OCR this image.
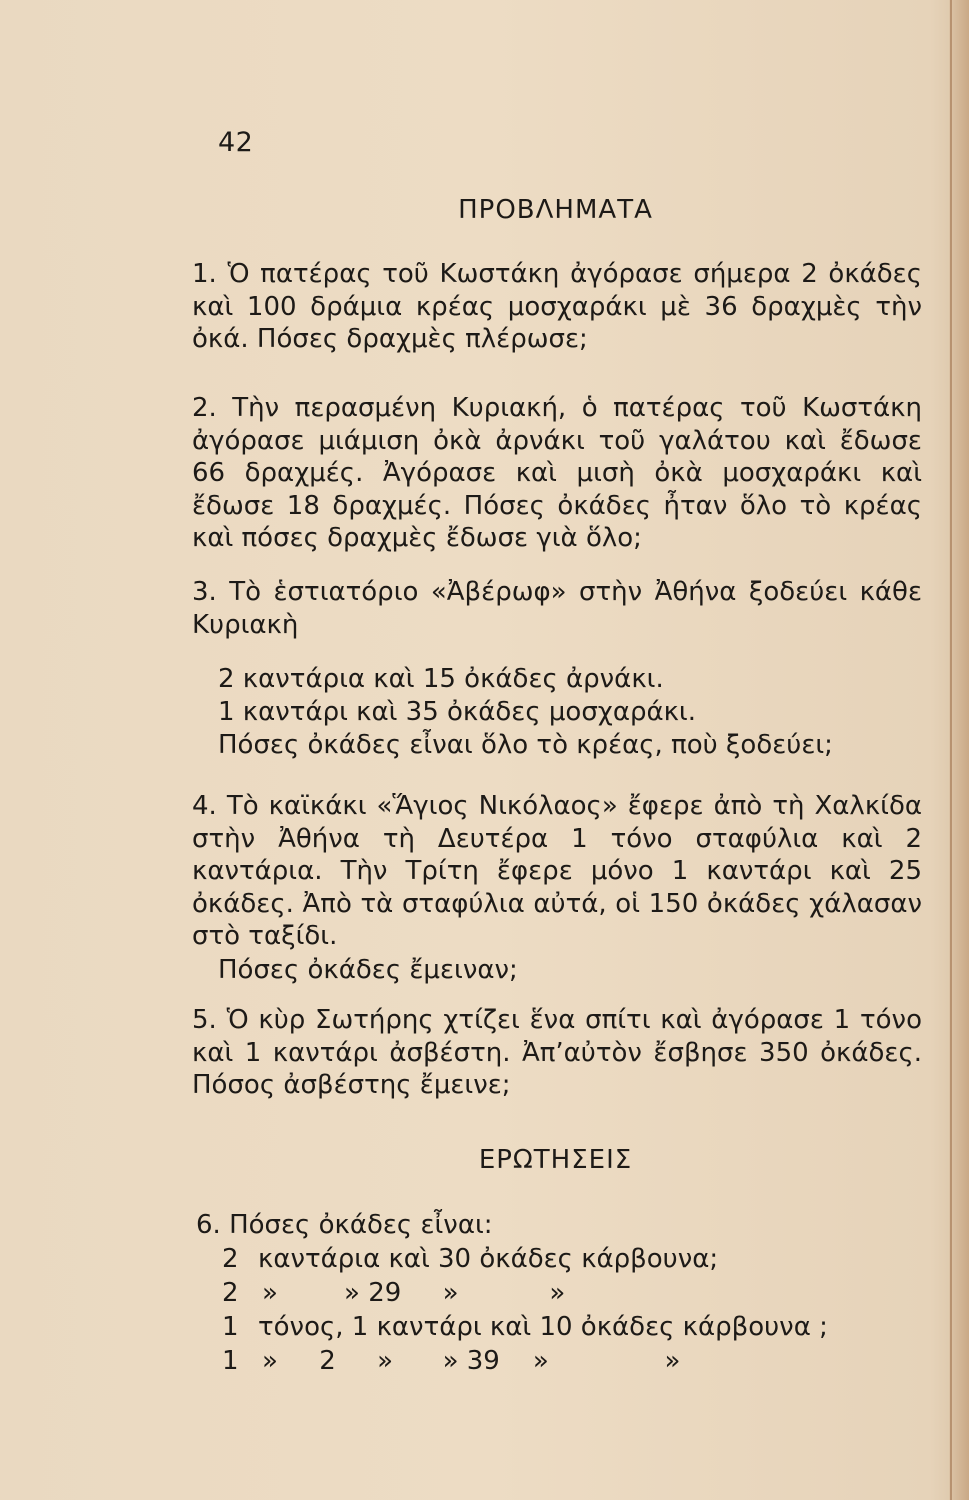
42
ΠΡΟΒΛΗΜΑΤΑ
1. Ὁ πατέρας τοῦ Κωστάκη ἀγόρασε σήμερα 2 ὀκάδες καὶ 100 δράμια κρέας μοσχαράκι μὲ 36 δραχμὲς τὴν ὀκά. Πόσες δραχμὲς πλέρωσε;
2. Τὴν περασμένη Κυριακή, ὁ πατέρας τοῦ Κωστάκη ἀγόρασε μιάμιση ὀκὰ ἀρνάκι τοῦ γαλάτου καὶ ἔδωσε 66 δραχμές. Ἀγόρασε καὶ μισὴ ὀκὰ μοσχαράκι καὶ ἔδωσε 18 δραχμές. Πόσες ὀκάδες ἦταν ὅλο τὸ κρέας καὶ πόσες δραχμὲς ἔδωσε γιὰ ὅλο;
3. Τὸ ἑστιατόριο «Ἀβέρωφ» στὴν Ἀθήνα ξοδεύει κάθε Κυριακὴ
2 καντάρια καὶ 15 ὀκάδες ἀρνάκι.
1 καντάρι καὶ 35 ὀκάδες μοσχαράκι.
Πόσες ὀκάδες εἶναι ὅλο τὸ κρέας, ποὺ ξοδεύει;
4. Τὸ καϊκάκι «Ἅγιος Νικόλαος» ἔφερε ἀπὸ τὴ Χαλκίδα στὴν Ἀθήνα τὴ Δευτέρα 1 τόνο σταφύλια καὶ 2 καντάρια. Τὴν Τρίτη ἔφερε μόνο 1 καντάρι καὶ 25 ὀκάδες. Ἀπὸ τὰ σταφύλια αὐτά, οἱ 150 ὀκάδες χάλασαν στὸ ταξίδι.
Πόσες ὀκάδες ἔμειναν;
5. Ὁ κὺρ Σωτήρης χτίζει ἕνα σπίτι καὶ ἀγόρασε 1 τόνο καὶ 1 καντάρι ἀσβέστη. Ἀπ’αὐτὸν ἔσβησε 350 ὀκάδες. Πόσος ἀσβέστης ἔμεινε;
ΕΡΩΤΗΣΕΙΣ
6. Πόσες ὀκάδες εἶναι:
2 καντάρια καὶ 30 ὀκάδες κάρβουνα;
2 »        » 29     »           »
1 τόνος, 1 καντάρι καὶ 10 ὀκάδες κάρβουνα ;
1 »     2     »      » 39    »              »
